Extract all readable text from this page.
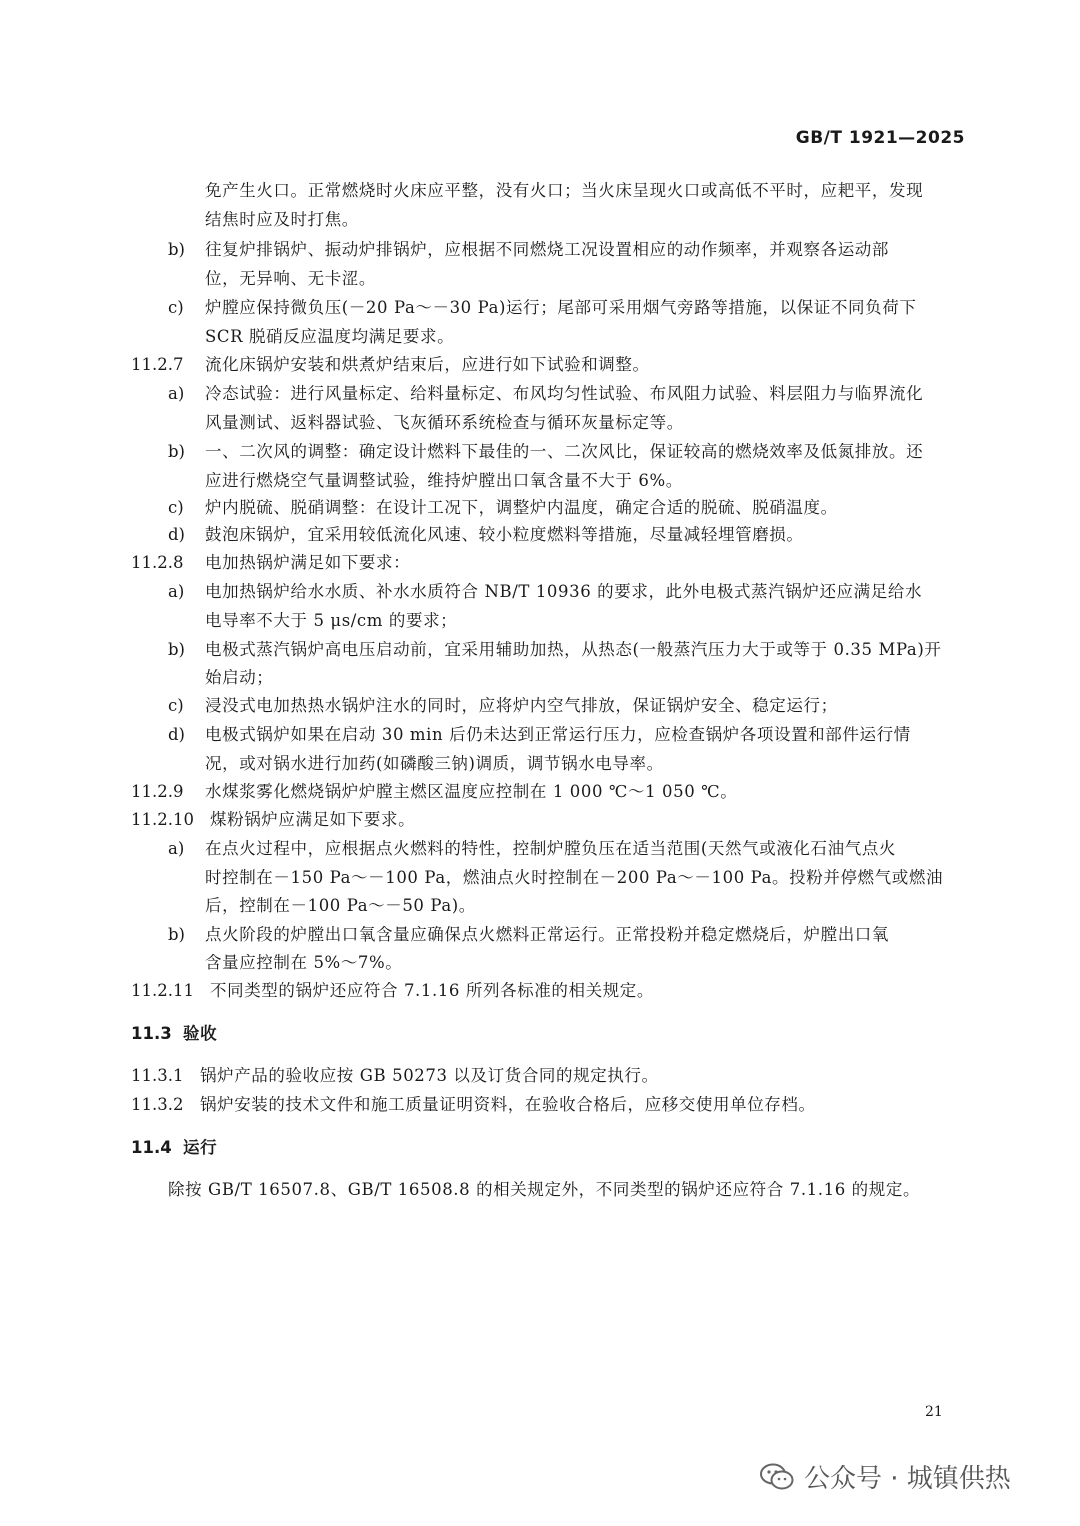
GB/T 1921—2025
免产生火口。正常燃烧时火床应平整，没有火口；当火床呈现火口或高低不平时，应耙平，发现
结焦时应及时打焦。
b) 往复炉排锅炉、振动炉排锅炉，应根据不同燃烧工况设置相应的动作频率，并观察各运动部
位，无异响、无卡涩。
c) 炉膛应保持微负压(－20 Pa～－30 Pa)运行；尾部可采用烟气旁路等措施，以保证不同负荷下
SCR 脱硝反应温度均满足要求。
11.2.7 流化床锅炉安装和烘煮炉结束后，应进行如下试验和调整。
a) 冷态试验：进行风量标定、给料量标定、布风均匀性试验、布风阻力试验、料层阻力与临界流化
风量测试、返料器试验、飞灰循环系统检查与循环灰量标定等。
b) 一、二次风的调整：确定设计燃料下最佳的一、二次风比，保证较高的燃烧效率及低氮排放。还
应进行燃烧空气量调整试验，维持炉膛出口氧含量不大于 6%。
c) 炉内脱硫、脱硝调整：在设计工况下，调整炉内温度，确定合适的脱硫、脱硝温度。
d) 鼓泡床锅炉，宜采用较低流化风速、较小粒度燃料等措施，尽量减轻埋管磨损。
11.2.8 电加热锅炉满足如下要求：
a) 电加热锅炉给水水质、补水水质符合 NB/T 10936 的要求，此外电极式蒸汽锅炉还应满足给水
电导率不大于 5 μs/cm 的要求；
b) 电极式蒸汽锅炉高电压启动前，宜采用辅助加热，从热态(一般蒸汽压力大于或等于 0.35 MPa)开
始启动；
c) 浸没式电加热热水锅炉注水的同时，应将炉内空气排放，保证锅炉安全、稳定运行；
d) 电极式锅炉如果在启动 30 min 后仍未达到正常运行压力，应检查锅炉各项设置和部件运行情
况，或对锅水进行加药(如磷酸三钠)调质，调节锅水电导率。
11.2.9 水煤浆雾化燃烧锅炉炉膛主燃区温度应控制在 1 000 ℃～1 050 ℃。
11.2.10 煤粉锅炉应满足如下要求。
a) 在点火过程中，应根据点火燃料的特性，控制炉膛负压在适当范围(天然气或液化石油气点火
时控制在－150 Pa～－100 Pa，燃油点火时控制在－200 Pa～－100 Pa。投粉并停燃气或燃油
后，控制在－100 Pa～－50 Pa)。
b) 点火阶段的炉膛出口氧含量应确保点火燃料正常运行。正常投粉并稳定燃烧后，炉膛出口氧
含量应控制在 5%～7%。
11.2.11 不同类型的锅炉还应符合 7.1.16 所列各标准的相关规定。
11.3 验收
11.3.1 锅炉产品的验收应按 GB 50273 以及订货合同的规定执行。
11.3.2 锅炉安装的技术文件和施工质量证明资料，在验收合格后，应移交使用单位存档。
11.4 运行
除按 GB/T 16507.8、GB/T 16508.8 的相关规定外，不同类型的锅炉还应符合 7.1.16 的规定。
21
公众号 · 城镇供热
